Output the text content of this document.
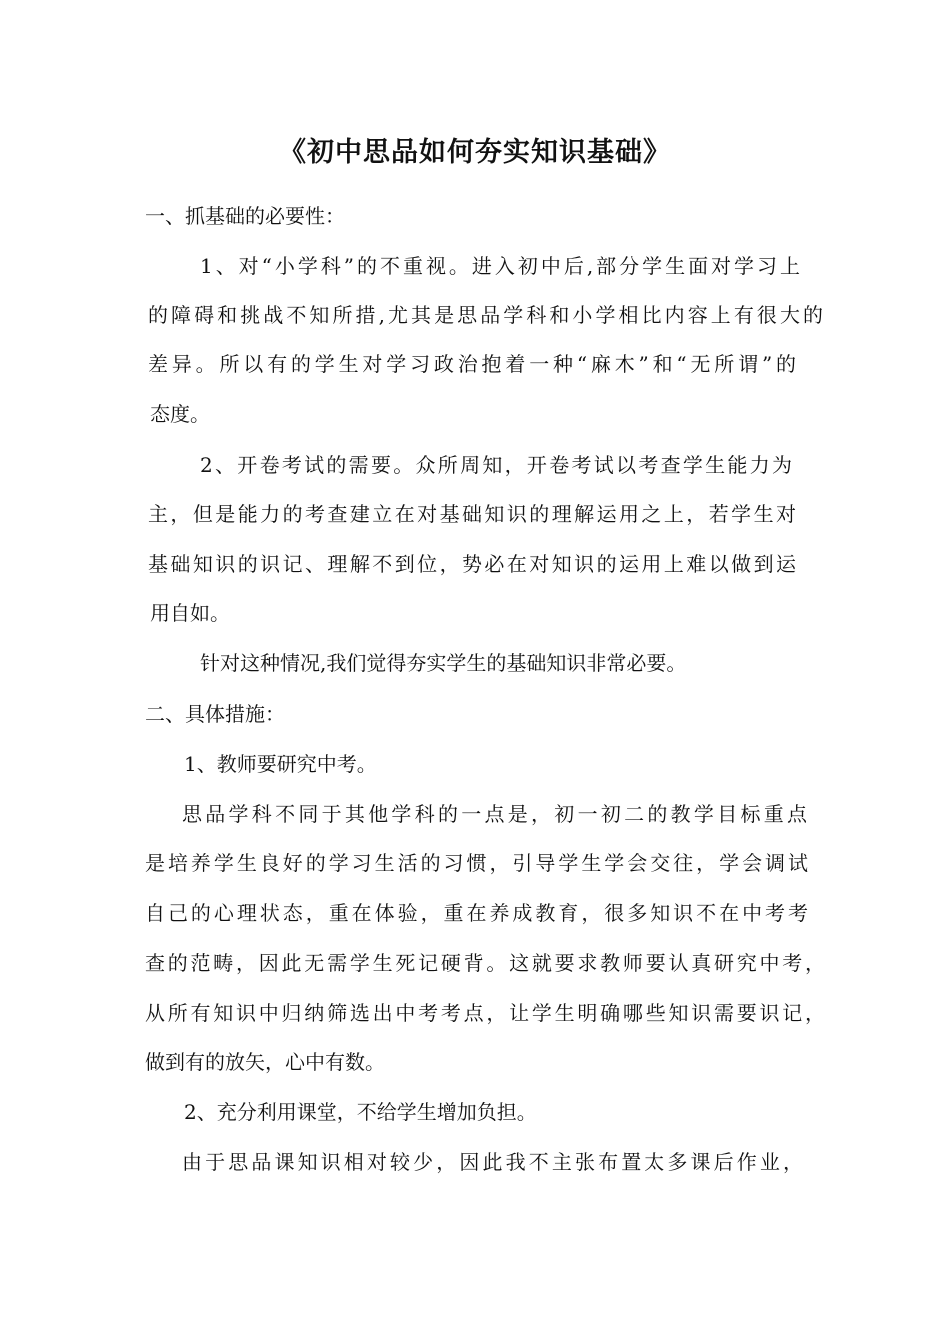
《初中思品如何夯实知识基础》
一、抓基础的必要性：
1、对“小学科”的不重视。进入初中后,部分学生面对学习上
的障碍和挑战不知所措,尤其是思品学科和小学相比内容上有很大的
差异。所以有的学生对学习政治抱着一种“麻木”和“无所谓”的
态度。
2、开卷考试的需要。众所周知，开卷考试以考查学生能力为
主，但是能力的考查建立在对基础知识的理解运用之上，若学生对
基础知识的识记、理解不到位，势必在对知识的运用上难以做到运
用自如。
针对这种情况,我们觉得夯实学生的基础知识非常必要。
二、具体措施：
1、教师要研究中考。
思品学科不同于其他学科的一点是，初一初二的教学目标重点
是培养学生良好的学习生活的习惯，引导学生学会交往，学会调试
自己的心理状态，重在体验，重在养成教育，很多知识不在中考考
查的范畴，因此无需学生死记硬背。这就要求教师要认真研究中考，
从所有知识中归纳筛选出中考考点，让学生明确哪些知识需要识记，
做到有的放矢，心中有数。
2、充分利用课堂，不给学生增加负担。
由于思品课知识相对较少，因此我不主张布置太多课后作业，
